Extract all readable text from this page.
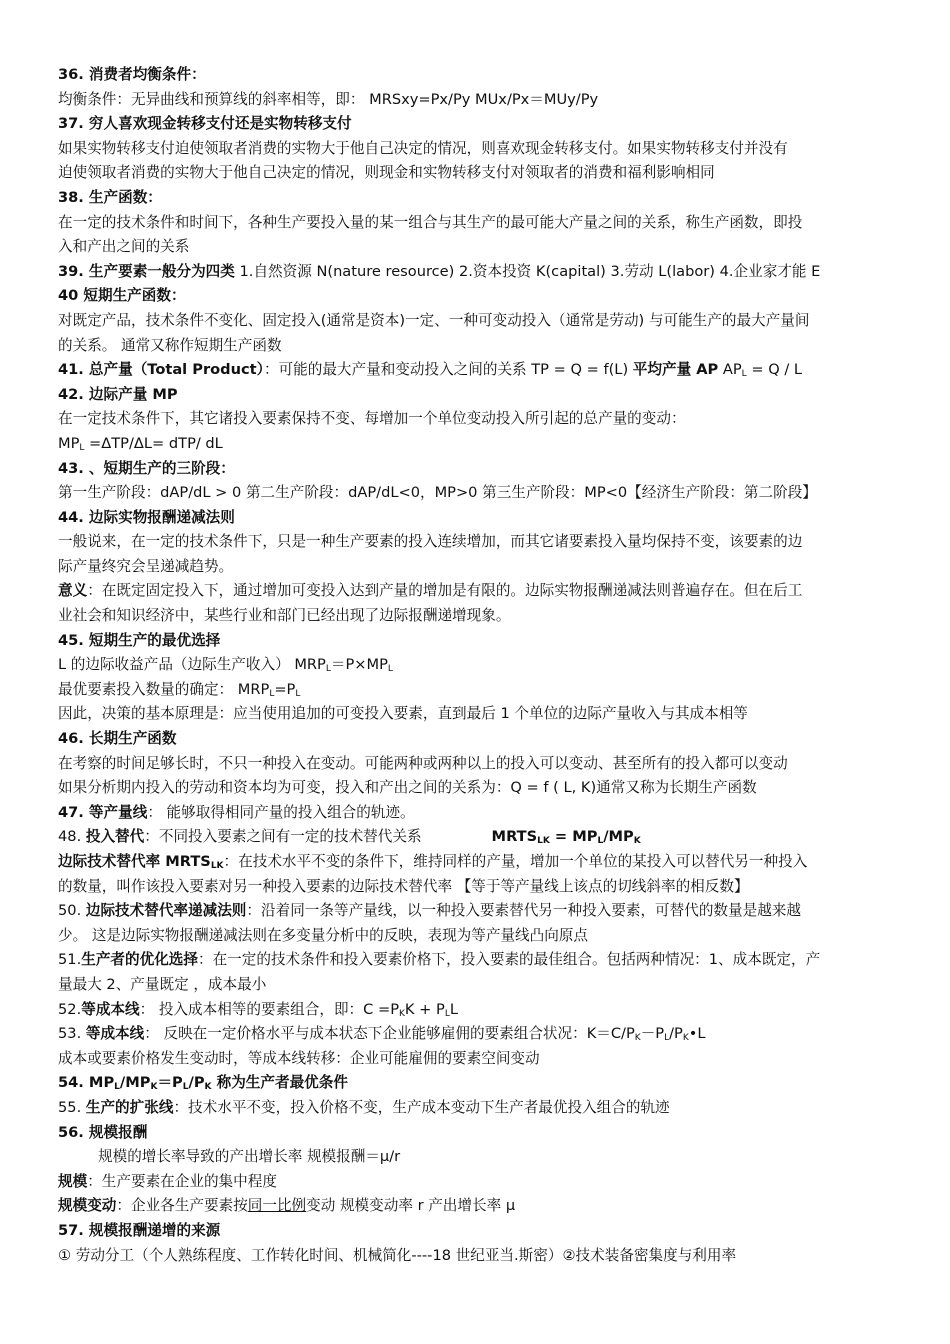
36. 消费者均衡条件：
均衡条件：无异曲线和预算线的斜率相等，即： MRSxy=Px/Py MUx/Px＝MUy/Py
37. 穷人喜欢现金转移支付还是实物转移支付
如果实物转移支付迫使领取者消费的实物大于他自己决定的情况，则喜欢现金转移支付。如果实物转移支付并没有
迫使领取者消费的实物大于他自己决定的情况，则现金和实物转移支付对领取者的消费和福利影响相同
38. 生产函数：
在一定的技术条件和时间下，各种生产要投入量的某一组合与其生产的最可能大产量之间的关系，称生产函数，即投
入和产出之间的关系
39. 生产要素一般分为四类 1.自然资源 N(nature resource) 2.资本投资 K(capital) 3.劳动 L(labor) 4.企业家才能 E
40 短期生产函数：
对既定产品，技术条件不变化、固定投入(通常是资本)一定、一种可变动投入（通常是劳动) 与可能生产的最大产量间
的关系。 通常又称作短期生产函数
41. 总产量（Total Product）：可能的最大产量和变动投入之间的关系 TP = Q = f(L) 平均产量 AP $AP_L = Q / L$
42. 边际产量 MP
在一定技术条件下，其它诸投入要素保持不变、每增加一个单位变动投入所引起的总产量的变动：
$MP_L =\Delta TP/\Delta L= dTP/$ dL
43. 、短期生产的三阶段：
第一生产阶段：dAP/dL > 0 第二生产阶段：dAP/dL<0，MP>0 第三生产阶段：MP<0【经济生产阶段：第二阶段】
44. 边际实物报酬递减法则
一般说来，在一定的技术条件下，只是一种生产要素的投入连续增加，而其它诸要素投入量均保持不变，该要素的边
际产量终究会呈递减趋势。
意义：在既定固定投入下，通过增加可变投入达到产量的增加是有限的。边际实物报酬递减法则普遍存在。但在后工
业社会和知识经济中，某些行业和部门已经出现了边际报酬递增现象。
45. 短期生产的最优选择
L 的边际收益产品（边际生产收入） $MRP_L=P\times MP_L$
最优要素投入数量的确定： $MRP_L=P_L$
因此，决策的基本原理是：应当使用追加的可变投入要素，直到最后 1 个单位的边际产量收入与其成本相等
46. 长期生产函数
在考察的时间足够长时，不只一种投入在变动。可能两种或两种以上的投入可以变动、甚至所有的投入都可以变动
如果分析期内投入的劳动和资本均为可变，投入和产出之间的关系为：Q = f ( L, K)通常又称为长期生产函数
47. 等产量线： 能够取得相同产量的投入组合的轨迹。
48. 投入替代：不同投入要素之间有一定的技术替代关系	$MRTS_{LK} = MP_L/MP_K$
边际技术替代率 $MRTS_{LK}$：在技术水平不变的条件下，维持同样的产量，增加一个单位的某投入可以替代另一种投入
的数量，叫作该投入要素对另一种投入要素的边际技术替代率 【等于等产量线上该点的切线斜率的相反数】
50. 边际技术替代率递减法则：沿着同一条等产量线，以一种投入要素替代另一种投入要素，可替代的数量是越来越
少。 这是边际实物报酬递减法则在多变量分析中的反映，表现为等产量线凸向原点
51.生产者的优化选择：在一定的技术条件和投入要素价格下，投入要素的最佳组合。包括两种情况：1、成本既定，产
量最大 2、产量既定 ，成本最小
52.等成本线： 投入成本相等的要素组合，即：$C =P_KK + P_LL$
53. 等成本线： 反映在一定价格水平与成本状态下企业能够雇佣的要素组合状况：$K=C/P_K-P_L/P_K•L$
成本或要素价格发生变动时，等成本线转移：企业可能雇佣的要素空间变动
54. $MP_L/MP_K=P_L/P_K$ 称为生产者最优条件
55. 生产的扩张线：技术水平不变，投入价格不变，生产成本变动下生产者最优投入组合的轨迹
56. 规模报酬
规模的增长率导致的产出增长率 规模报酬＝μ/r
规模：生产要素在企业的集中程度
规模变动：企业各生产要素按同一比例变动 规模变动率 r 产出增长率 μ
57. 规模报酬递增的来源
① 劳动分工（个人熟练程度、工作转化时间、机械简化----18 世纪亚当.斯密）②技术装备密集度与利用率
